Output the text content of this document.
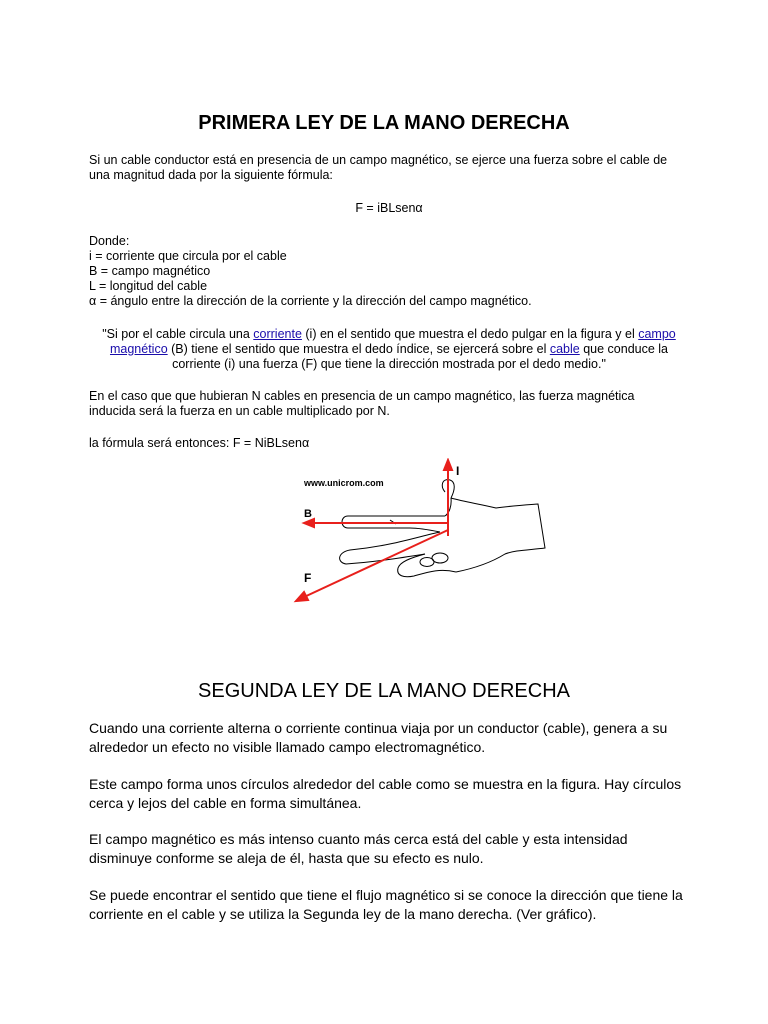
PRIMERA LEY DE LA MANO DERECHA
Si un cable conductor está en presencia de un campo magnético, se ejerce una fuerza sobre el cable de
una magnitud dada por la siguiente fórmula:
F = iBLsenα
Donde:
i = corriente que circula por el cable
B = campo magnético
L = longitud del cable
α = ángulo entre la dirección de la corriente y la dirección del campo magnético.
"Si por el cable circula una corriente (i) en el sentido que muestra el dedo pulgar en la figura y el campo
magnético (B) tiene el sentido que muestra el dedo índice, se ejercerá sobre el cable que conduce la
corriente (i) una fuerza (F) que tiene la dirección mostrada por el dedo medio."
En el caso que que hubieran N cables en presencia de un campo magnético, las fuerza magnética
inducida será la fuerza en un cable multiplicado por N.
la fórmula será entonces: F = NiBLsenα
www.unicrom.com
I
B
F
SEGUNDA LEY DE LA MANO DERECHA
Cuando una corriente alterna o corriente continua viaja por un conductor (cable), genera a su
alrededor un efecto no visible llamado campo electromagnético.
Este campo forma unos círculos alrededor del cable como se muestra en la figura. Hay círculos
cerca y lejos del cable en forma simultánea.
El campo magnético es más intenso cuanto más cerca está del cable y esta intensidad
disminuye conforme se aleja de él, hasta que su efecto es nulo.
Se puede encontrar el sentido que tiene el flujo magnético si se conoce la dirección que tiene la
corriente en el cable y se utiliza la Segunda ley de la mano derecha. (Ver gráfico).
